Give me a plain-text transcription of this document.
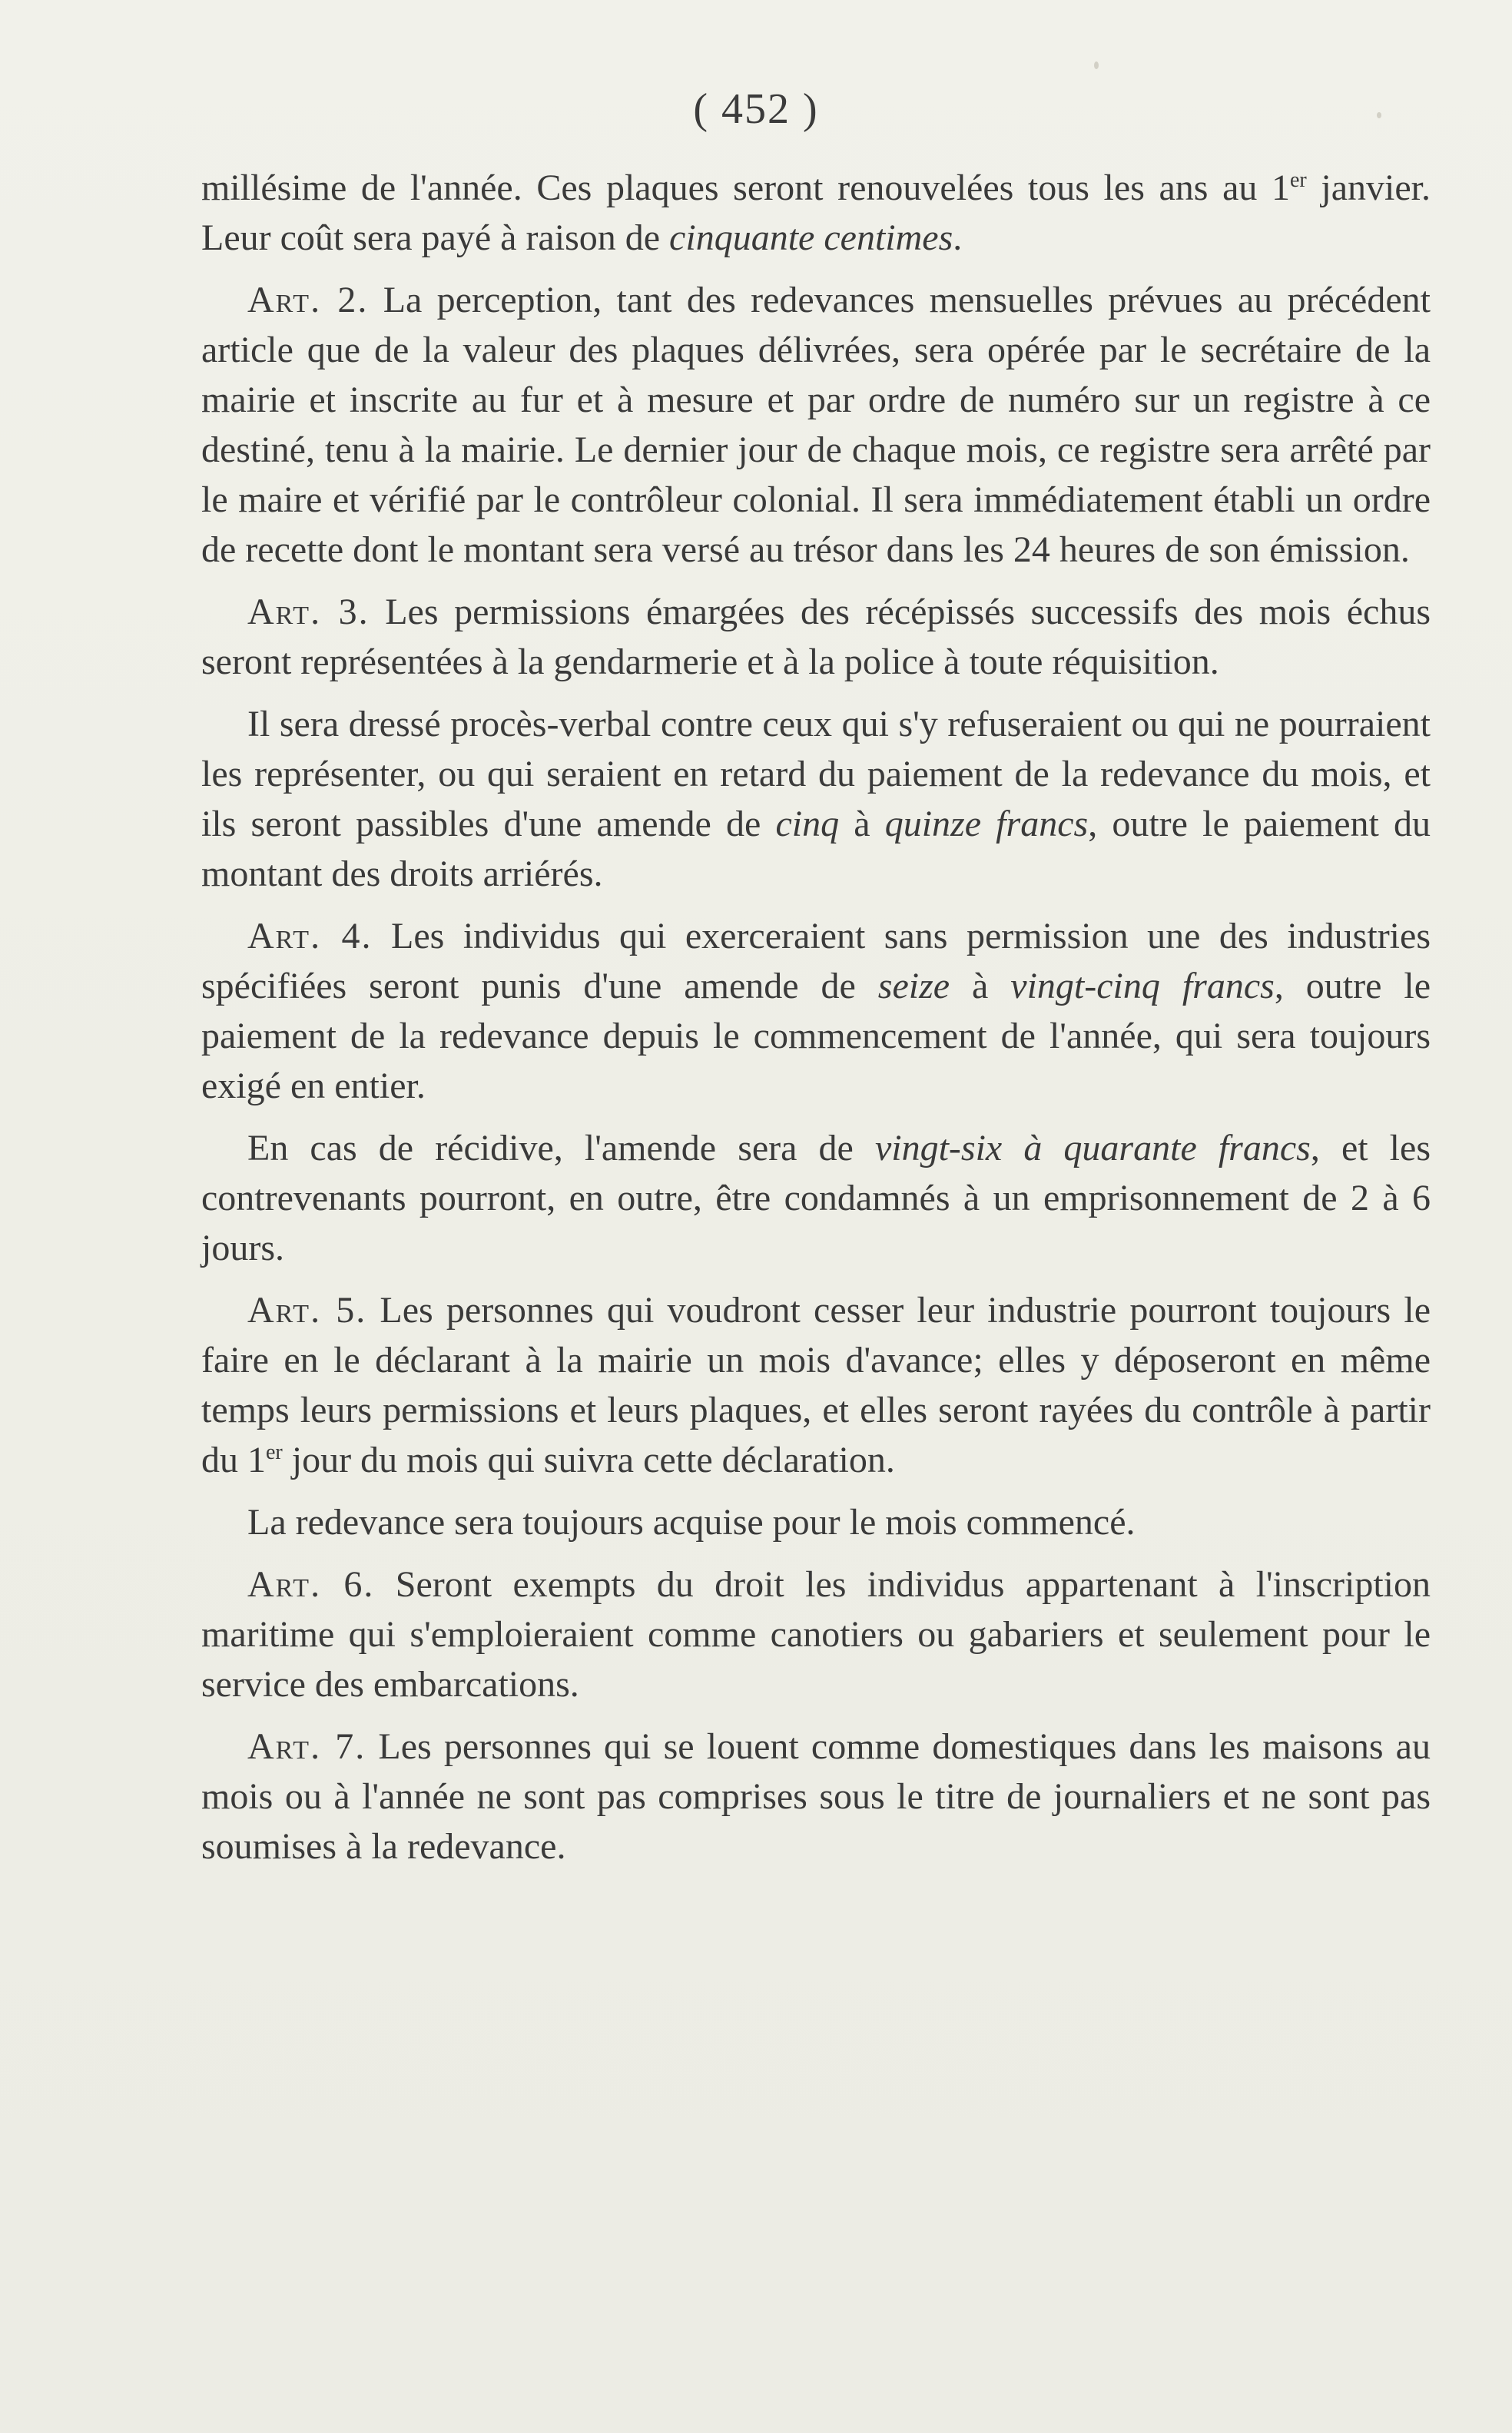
( 452 )

millésime de l'année. Ces plaques seront renouvelées tous les ans au 1er janvier. Leur coût sera payé à raison de cinquante centimes.

Art. 2. La perception, tant des redevances mensuelles prévues au précédent article que de la valeur des plaques délivrées, sera opérée par le secrétaire de la mairie et inscrite au fur et à mesure et par ordre de numéro sur un registre à ce destiné, tenu à la mairie. Le dernier jour de chaque mois, ce registre sera arrêté par le maire et vérifié par le contrôleur colonial. Il sera immédiatement établi un ordre de recette dont le montant sera versé au trésor dans les 24 heures de son émission.

Art. 3. Les permissions émargées des récépissés successifs des mois échus seront représentées à la gendarmerie et à la police à toute réquisition.

Il sera dressé procès-verbal contre ceux qui s'y refuseraient ou qui ne pourraient les représenter, ou qui seraient en retard du paiement de la redevance du mois, et ils seront passibles d'une amende de cinq à quinze francs, outre le paiement du montant des droits arriérés.

Art. 4. Les individus qui exerceraient sans permission une des industries spécifiées seront punis d'une amende de seize à vingt-cinq francs, outre le paiement de la redevance depuis le commencement de l'année, qui sera toujours exigé en entier.

En cas de récidive, l'amende sera de vingt-six à quarante francs, et les contrevenants pourront, en outre, être condamnés à un emprisonnement de 2 à 6 jours.

Art. 5. Les personnes qui voudront cesser leur industrie pourront toujours le faire en le déclarant à la mairie un mois d'avance; elles y déposeront en même temps leurs permissions et leurs plaques, et elles seront rayées du contrôle à partir du 1er jour du mois qui suivra cette déclaration.

La redevance sera toujours acquise pour le mois commencé.

Art. 6. Seront exempts du droit les individus appartenant à l'inscription maritime qui s'emploieraient comme canotiers ou gabariers et seulement pour le service des embarcations.

Art. 7. Les personnes qui se louent comme domestiques dans les maisons au mois ou à l'année ne sont pas comprises sous le titre de journaliers et ne sont pas soumises à la redevance.
